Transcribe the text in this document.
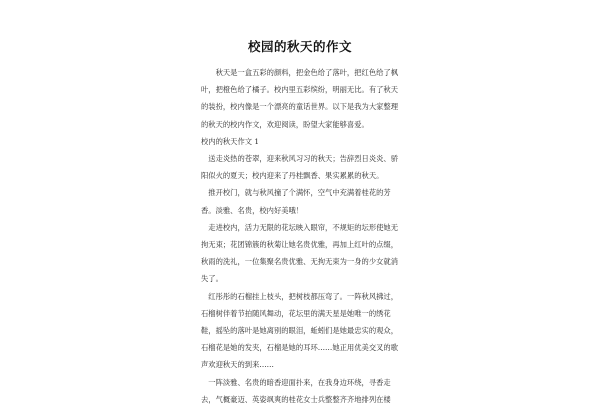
校园的秋天的作文

秋天是一盒五彩的颜料，把金色给了落叶，把红色给了枫叶，把橙色给了橘子。校内里五彩缤纷，明丽无比。有了秋天的装扮，校内像是一个漂亮的童话世界。以下是我为大家整理的秋天的校内作文，欢迎阅读，盼望大家能够喜爱。

校内的秋天作文 1

送走炎热的苍翠，迎来秋风习习的秋天；告辞烈日炎炎、骄阳似火的夏天；校内迎来了丹桂飘香、果实累累的秋天。

推开校门，就与秋风撞了个满怀，空气中充满着桂花的芳香。淡雅、名贵，校内好美哦！

走进校内，活力无限的花坛映入眼帘，不规矩的坛形使她无拘无束；花团锦簇的秋菊让她名贵优雅，再加上红叶的点缀，秋雨的洗礼，一位集聚名贵优雅、无拘无束为一身的少女就消失了。

红彤彤的石榴挂上枝头，把树枝都压弯了。一阵秋风拂过，石榴树伴着节拍随风舞动，花坛里的满天星是她唯一的绣花鞋，摇坠的落叶是她离别的眼泪，蚯蚓们是她最忠实的观众，石榴花是她的发夹，石榴是她的耳环……她正用优美交叉的歌声欢迎秋天的到来……

一阵淡雅、名贵的暗香迎面扑来，在我身边环绕，寻香走去，气概豪迈、英姿飒爽的桂花女士兵整整齐齐地排列在楼
